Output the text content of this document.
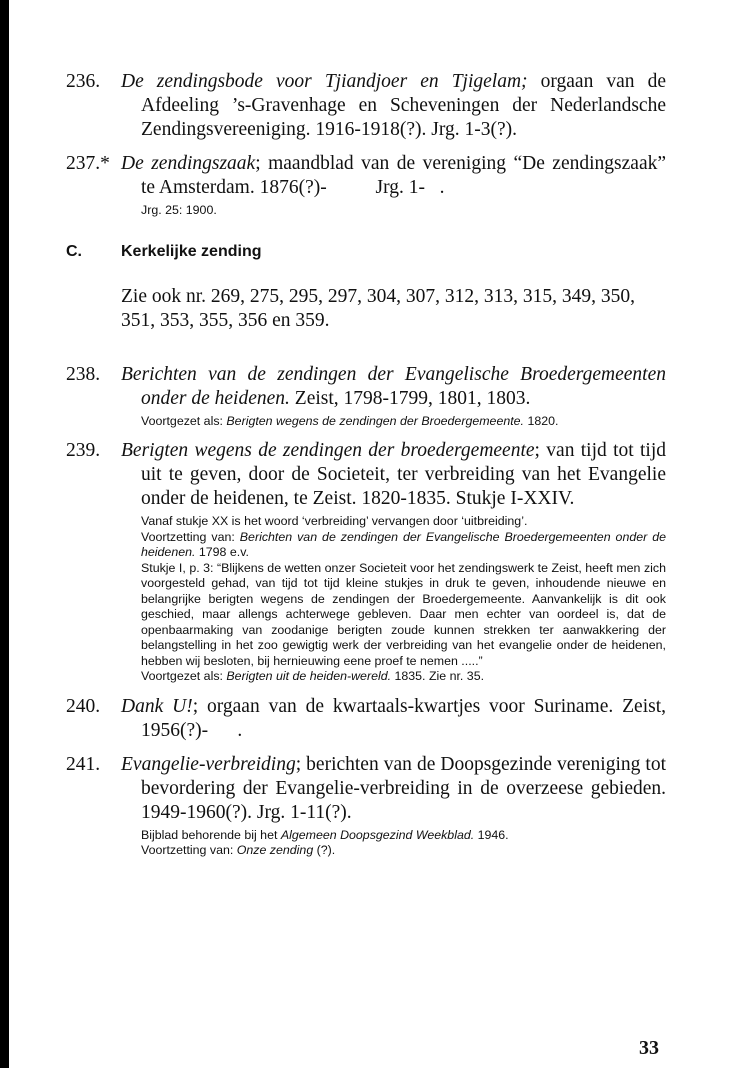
236. De zendingsbode voor Tjiandjoer en Tjigelam; orgaan van de Afdeeling ’s-Gravenhage en Scheveningen der Nederlandsche Zendingsvereeniging. 1916-1918(?). Jrg. 1-3(?).
237.* De zendingszaak; maandblad van de vereniging “De zendingszaak” te Amsterdam. 1876(?)-          Jrg. 1-   .
Jrg. 25: 1900.
C. Kerkelijke zending
Zie ook nr. 269, 275, 295, 297, 304, 307, 312, 313, 315, 349, 350, 351, 353, 355, 356 en 359.
238. Berichten van de zendingen der Evangelische Broedergemeenten onder de heidenen. Zeist, 1798-1799, 1801, 1803.
Voortgezet als: Berigten wegens de zendingen der Broedergemeente. 1820.
239. Berigten wegens de zendingen der broedergemeente; van tijd tot tijd uit te geven, door de Societeit, ter verbreiding van het Evangelie onder de heidenen, te Zeist. 1820-1835. Stukje I-XXIV.
Vanaf stukje XX is het woord ‘verbreiding’ vervangen door ‘uitbreiding’.
Voortzetting van: Berichten van de zendingen der Evangelische Broedergemeenten onder de heidenen. 1798 e.v.
Stukje I, p. 3: “Blijkens de wetten onzer Societeit voor het zendingswerk te Zeist, heeft men zich voorgesteld gehad, van tijd tot tijd kleine stukjes in druk te geven, inhoudende nieuwe en belangrijke berigten wegens de zendingen der Broedergemeente. Aanvankelijk is dit ook geschied, maar allengs achterwege gebleven. Daar men echter van oordeel is, dat de openbaarmaking van zoodanige berigten zoude kunnen strekken ter aanwakkering der belangstelling in het zoo gewigtig werk der verbreiding van het evangelie onder de heidenen, hebben wij besloten, bij hernieuwing eene proef te nemen .....”
Voortgezet als: Berigten uit de heiden-wereld. 1835. Zie nr. 35.
240. Dank U!; orgaan van de kwartaals-kwartjes voor Suriname. Zeist, 1956(?)-      .
241. Evangelie-verbreiding; berichten van de Doopsgezinde vereniging tot bevordering der Evangelie-verbreiding in de overzeese gebieden. 1949-1960(?). Jrg. 1-11(?).
Bijblad behorende bij het Algemeen Doopsgezind Weekblad. 1946.
Voortzetting van: Onze zending (?).
33
